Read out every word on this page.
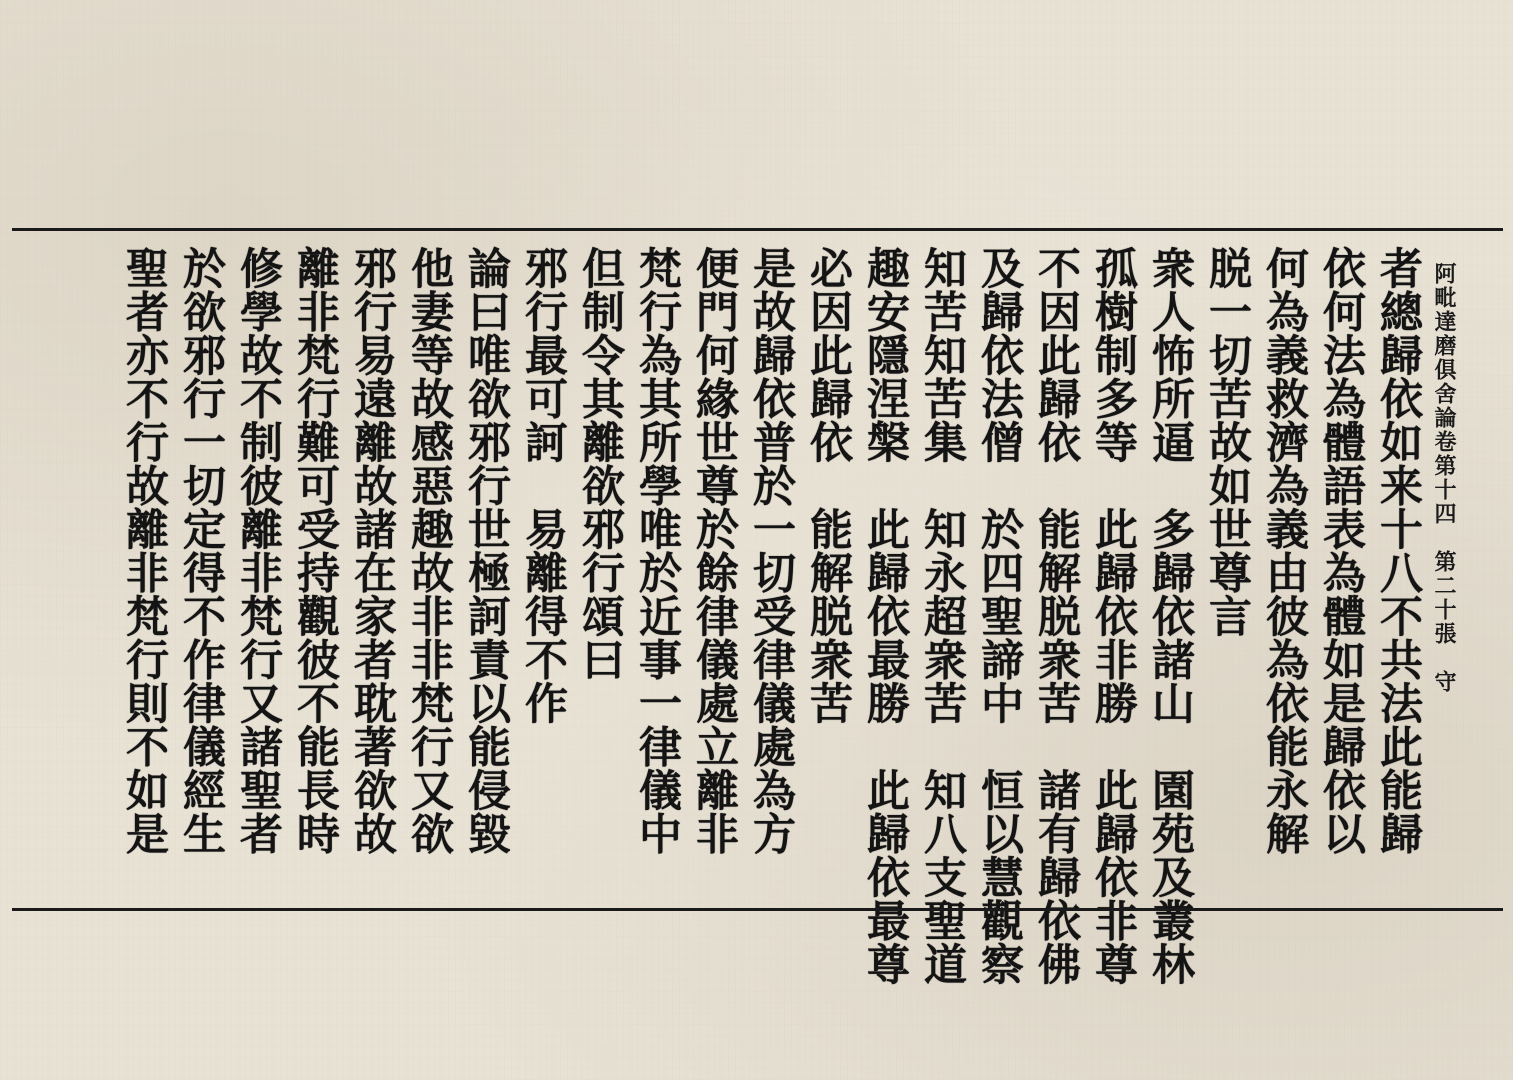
阿毗達磨俱舍論卷第十四　第二十張　守
者總歸依如来十八不共法此能歸
依何法為體語表為體如是歸依以
何為義救濟為義由彼為依能永解
脱一切苦故如世尊言
衆人怖所逼　多歸依諸山　園苑及叢林
孤樹制多等　此歸依非勝　此歸依非尊
不因此歸依　能解脱衆苦　諸有歸依佛
及歸依法僧　於四聖諦中　恒以慧觀察
知苦知苦集　知永超衆苦　知八支聖道
趣安隱涅槃　此歸依最勝　此歸依最尊
必因此歸依　能解脱衆苦
是故歸依普於一切受律儀處為方
便門何緣世尊於餘律儀處立離非
梵行為其所學唯於近事一律儀中
但制令其離欲邪行頌曰
邪行最可訶　易離得不作
論曰唯欲邪行世極訶責以能侵毀
他妻等故感惡趣故非非梵行又欲
邪行易遠離故諸在家者耽著欲故
離非梵行難可受持觀彼不能長時
修學故不制彼離非梵行又諸聖者
於欲邪行一切定得不作律儀經生
聖者亦不行故離非梵行則不如是
